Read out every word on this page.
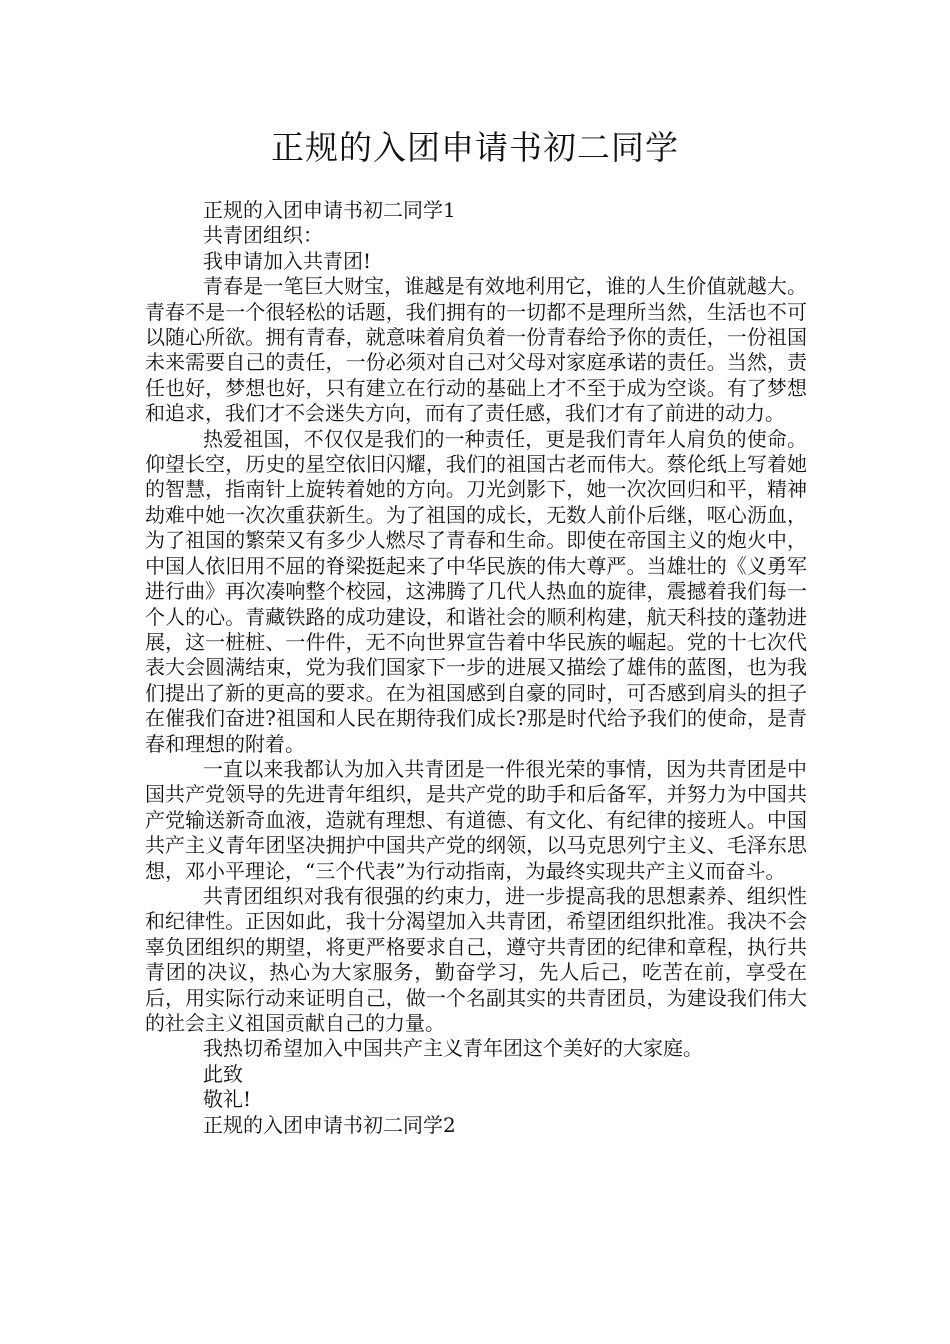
正规的入团申请书初二同学

正规的入团申请书初二同学1

共青团组织：

我申请加入共青团!

青春是一笔巨大财宝，谁越是有效地利用它，谁的人生价值就越大。青春不是一个很轻松的话题，我们拥有的一切都不是理所当然，生活也不可以随心所欲。拥有青春，就意味着肩负着一份青春给予你的责任，一份祖国未来需要自己的责任，一份必须对自己对父母对家庭承诺的责任。当然，责任也好，梦想也好，只有建立在行动的基础上才不至于成为空谈。有了梦想和追求，我们才不会迷失方向，而有了责任感，我们才有了前进的动力。

热爱祖国，不仅仅是我们的一种责任，更是我们青年人肩负的使命。仰望长空，历史的星空依旧闪耀，我们的祖国古老而伟大。蔡伦纸上写着她的智慧，指南针上旋转着她的方向。刀光剑影下，她一次次回归和平，精神劫难中她一次次重获新生。为了祖国的成长，无数人前仆后继，呕心沥血，为了祖国的繁荣又有多少人燃尽了青春和生命。即使在帝国主义的炮火中，中国人依旧用不屈的脊梁挺起来了中华民族的伟大尊严。当雄壮的《义勇军进行曲》再次凑响整个校园，这沸腾了几代人热血的旋律，震撼着我们每一个人的心。青藏铁路的成功建设，和谐社会的顺利构建，航天科技的蓬勃进展，这一桩桩、一件件，无不向世界宣告着中华民族的崛起。党的十七次代表大会圆满结束，党为我们国家下一步的进展又描绘了雄伟的蓝图，也为我们提出了新的更高的要求。在为祖国感到自豪的同时，可否感到肩头的担子在催我们奋进?祖国和人民在期待我们成长?那是时代给予我们的使命，是青春和理想的附着。

一直以来我都认为加入共青团是一件很光荣的事情，因为共青团是中国共产党领导的先进青年组织，是共产党的助手和后备军，并努力为中国共产党输送新奇血液，造就有理想、有道德、有文化、有纪律的接班人。中国共产主义青年团坚决拥护中国共产党的纲领，以马克思列宁主义、毛泽东思想，邓小平理论，“三个代表”为行动指南，为最终实现共产主义而奋斗。

共青团组织对我有很强的约束力，进一步提高我的思想素养、组织性和纪律性。正因如此，我十分渴望加入共青团，希望团组织批准。我决不会辜负团组织的期望，将更严格要求自己，遵守共青团的纪律和章程，执行共青团的决议，热心为大家服务，勤奋学习，先人后己，吃苦在前，享受在后，用实际行动来证明自己，做一个名副其实的共青团员，为建设我们伟大的社会主义祖国贡献自己的力量。

我热切希望加入中国共产主义青年团这个美好的大家庭。

此致

敬礼!

正规的入团申请书初二同学2
